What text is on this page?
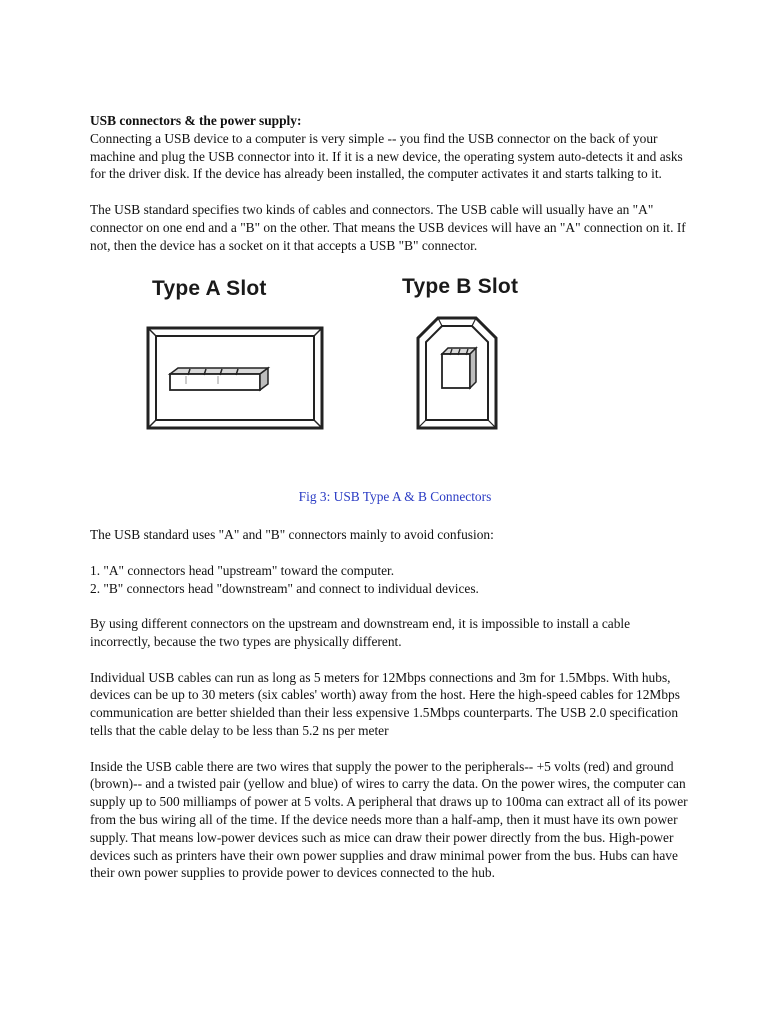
USB connectors & the power supply:

Connecting a USB device to a computer is very simple -- you find the USB connector on the back of your machine and plug the USB connector into it. If it is a new device, the operating system auto-detects it and asks for the driver disk. If the device has already been installed, the computer activates it and starts talking to it.

The USB standard specifies two kinds of cables and connectors. The USB cable will usually have an "A" connector on one end and a "B" on the other. That means the USB devices will have an "A" connection on it. If not, then the device has a socket on it that accepts a USB "B" connector.

Type A Slot	Type B Slot
Fig 3: USB Type A & B Connectors

The USB standard uses "A" and "B" connectors mainly to avoid confusion:

1. "A" connectors head "upstream" toward the computer.
2. "B" connectors head "downstream" and connect to individual devices.

By using different connectors on the upstream and downstream end, it is impossible to install a cable incorrectly, because the two types are physically different.

Individual USB cables can run as long as 5 meters for 12Mbps connections and 3m for 1.5Mbps. With hubs, devices can be up to 30 meters (six cables' worth) away from the host. Here the high-speed cables for 12Mbps communication are better shielded than their less expensive 1.5Mbps counterparts. The USB 2.0 specification tells that the cable delay to be less than 5.2 ns per meter

Inside the USB cable there are two wires that supply the power to the peripherals-- +5 volts (red) and ground (brown)-- and a twisted pair (yellow and blue) of wires to carry the data. On the power wires, the computer can supply up to 500 milliamps of power at 5 volts. A peripheral that draws up to 100ma can extract all of its power from the bus wiring all of the time. If the device needs more than a half-amp, then it must have its own power supply. That means low-power devices such as mice can draw their power directly from the bus. High-power devices such as printers have their own power supplies and draw minimal power from the bus. Hubs can have their own power supplies to provide power to devices connected to the hub.
